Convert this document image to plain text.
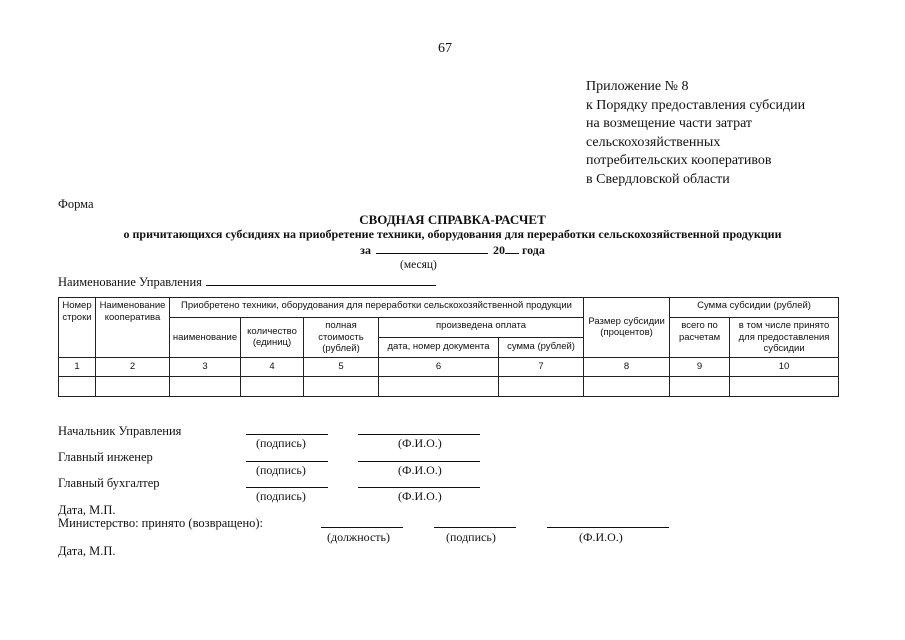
67
Приложение № 8
к Порядку предоставления субсидии
на возмещение части затрат
сельскохозяйственных
потребительских кооперативов
в Свердловской области
Форма
СВОДНАЯ СПРАВКА-РАСЧЕТ
о причитающихся субсидиях на приобретение техники, оборудования для переработки сельскохозяйственной продукции
за	20 года
(месяц)
Наименование Управления
Номер строки	Наименование кооператива	Приобретено техники, оборудования для переработки сельскохозяйственной продукции					Размер субсидии (процентов)	Сумма субсидии (рублей)	
		наименование	количество (единиц)	полная стоимость (рублей)	произведена оплата			всего по расчетам	в том числе принято для предоставления субсидии
					дата, номер документа	сумма (рублей)			
1	2	3	4	5	6	7	8	9	10

Начальник Управления
(подпись)	(Ф.И.О.)
Главный инженер
(подпись)	(Ф.И.О.)
Главный бухгалтер
(подпись)	(Ф.И.О.)
Дата, М.П.
Министерство: принято (возвращено):
(должность)	(подпись)	(Ф.И.О.)
Дата, М.П.
